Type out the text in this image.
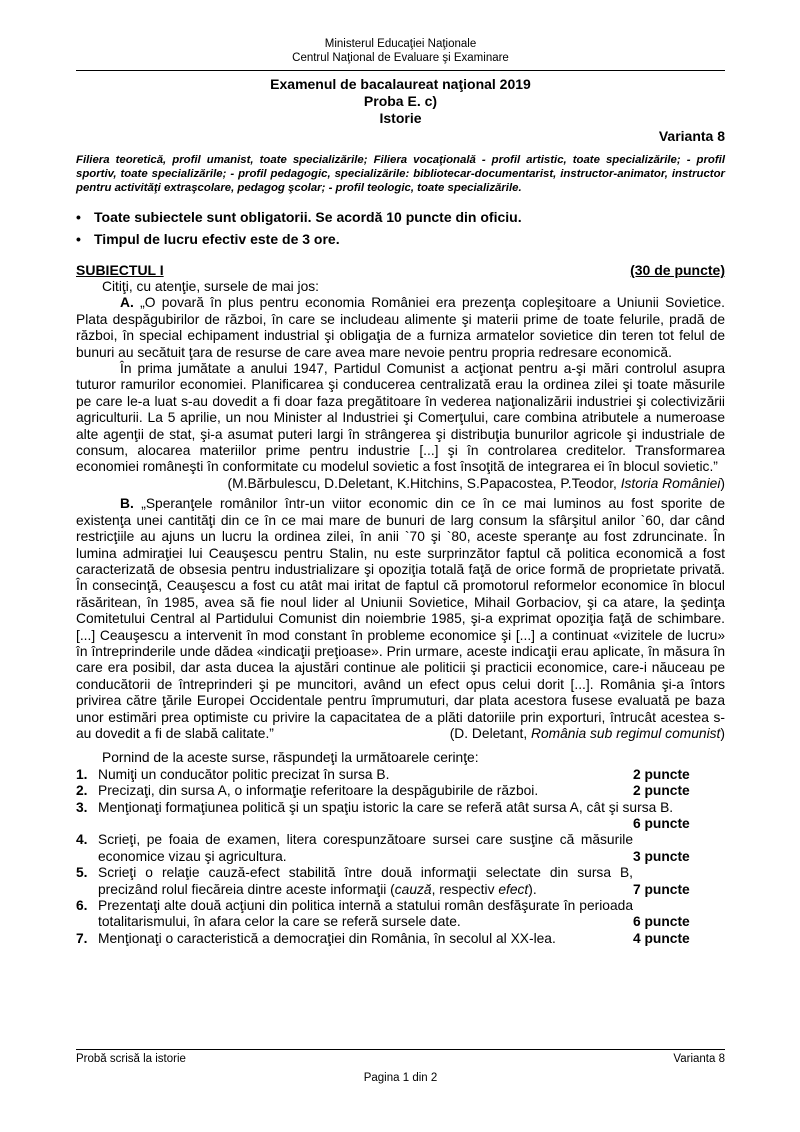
Ministerul Educaţiei Naţionale
Centrul Naţional de Evaluare şi Examinare
Examenul de bacalaureat naţional 2019
Proba E. c)
Istorie
Varianta 8
Filiera teoretică, profil umanist, toate specializările; Filiera vocaţională - profil artistic, toate specializările; - profil sportiv, toate specializările; - profil pedagogic, specializările: bibliotecar-documentarist, instructor-animator, instructor pentru activităţi extraşcolare, pedagog şcolar; - profil teologic, toate specializările.
• Toate subiectele sunt obligatorii. Se acordă 10 puncte din oficiu.
• Timpul de lucru efectiv este de 3 ore.
SUBIECTUL I	(30 de puncte)

Citiţi, cu atenţie, sursele de mai jos:

A. „O povară în plus pentru economia României era prezenţa copleşitoare a Uniunii Sovietice. Plata despăgubirilor de război, în care se includeau alimente şi materii prime de toate felurile, pradă de război, în special echipament industrial şi obligaţia de a furniza armatelor sovietice din teren tot felul de bunuri au secătuit ţara de resurse de care avea mare nevoie pentru propria redresare economică.

În prima jumătate a anului 1947, Partidul Comunist a acţionat pentru a-şi mări controlul asupra tuturor ramurilor economiei. Planificarea şi conducerea centralizată erau la ordinea zilei şi toate măsurile pe care le-a luat s-au dovedit a fi doar faza pregătitoare în vederea naţionalizării industriei şi colectivizării agriculturii. La 5 aprilie, un nou Minister al Industriei şi Comerţului, care combina atributele a numeroase alte agenţii de stat, şi-a asumat puteri largi în strângerea şi distribuţia bunurilor agricole şi industriale de consum, alocarea materiilor prime pentru industrie [...] şi în controlarea creditelor. Transformarea economiei româneşti în conformitate cu modelul sovietic a fost însoţită de integrarea ei în blocul sovietic.”

(M.Bărbulescu, D.Deletant, K.Hitchins, S.Papacostea, P.Teodor, Istoria României)

B. „Speranţele românilor într-un viitor economic din ce în ce mai luminos au fost sporite de existenţa unei cantităţi din ce în ce mai mare de bunuri de larg consum la sfârşitul anilor `60, dar când restricţiile au ajuns un lucru la ordinea zilei, în anii `70 şi `80, aceste speranţe au fost zdruncinate. În lumina admiraţiei lui Ceauşescu pentru Stalin, nu este surprinzător faptul că politica economică a fost caracterizată de obsesia pentru industrializare şi opoziţia totală faţă de orice formă de proprietate privată. În consecinţă, Ceauşescu a fost cu atât mai iritat de faptul că promotorul reformelor economice în blocul răsăritean, în 1985, avea să fie noul lider al Uniunii Sovietice, Mihail Gorbaciov, şi ca atare, la şedinţa Comitetului Central al Partidului Comunist din noiembrie 1985, şi-a exprimat opoziţia faţă de schimbare. [...] Ceauşescu a intervenit în mod constant în probleme economice şi [...] a continuat «vizitele de lucru» în întreprinderile unde dădea «indicaţii preţioase». Prin urmare, aceste indicaţii erau aplicate, în măsura în care era posibil, dar asta ducea la ajustări continue ale politicii şi practicii economice, care-i năuceau pe conducătorii de întreprinderi şi pe muncitori, având un efect opus celui dorit [...]. România şi-a întors privirea către ţările Europei Occidentale pentru împrumuturi, dar plata acestora fusese evaluată pe baza unor estimări prea optimiste cu privire la capacitatea de a plăti datoriile prin exporturi, întrucât acestea s-au dovedit a fi de slabă calitate.”	(D. Deletant, România sub regimul comunist)

Pornind de la aceste surse, răspundeţi la următoarele cerinţe:

1. Numiţi un conducător politic precizat în sursa B.	2 puncte
2. Precizaţi, din sursa A, o informaţie referitoare la despăgubirile de război.	2 puncte
3. Menţionaţi formaţiunea politică şi un spaţiu istoric la care se referă atât sursa A, cât şi sursa B.
6 puncte
4. Scrieţi, pe foaia de examen, litera corespunzătoare sursei care susţine că măsurile economice vizau şi agricultura.	3 puncte
5. Scrieţi o relaţie cauză-efect stabilită între două informaţii selectate din sursa B, precizând rolul fiecăreia dintre aceste informaţii (cauză, respectiv efect).	7 puncte
6. Prezentaţi alte două acţiuni din politica internă a statului român desfăşurate în perioada totalitarismului, în afara celor la care se referă sursele date.	6 puncte
7. Menţionaţi o caracteristică a democraţiei din România, în secolul al XX-lea.	4 puncte
Probă scrisă la istorie	Varianta 8
Pagina 1 din 2
